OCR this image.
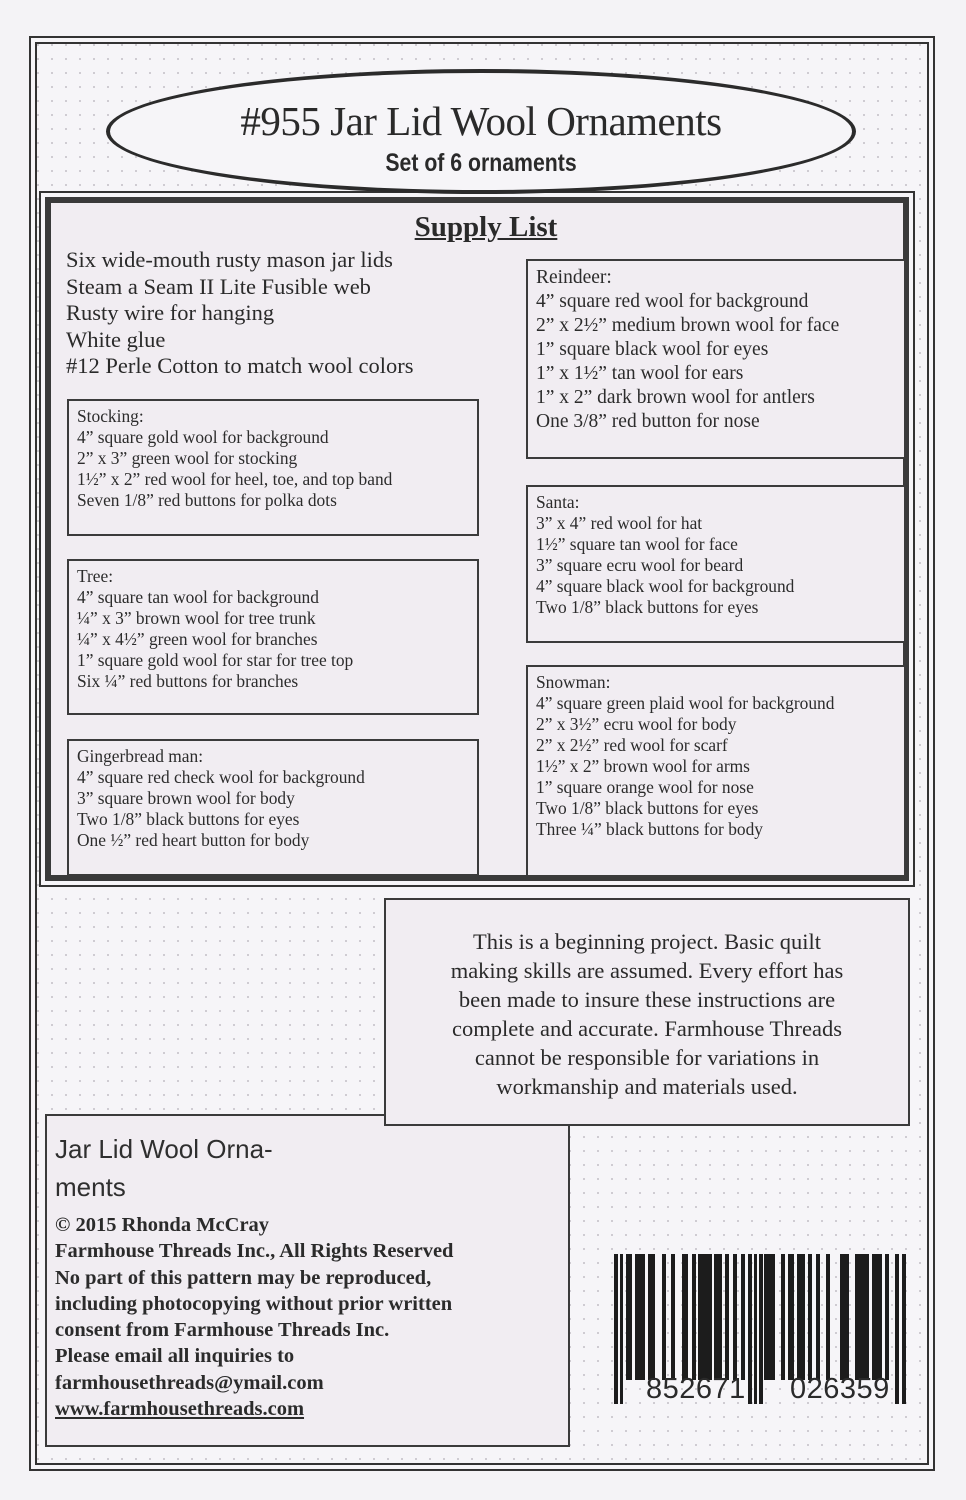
#955 Jar Lid Wool Ornaments
Set of 6 ornaments
Supply List
Six wide-mouth rusty mason jar lids
Steam a Seam II Lite Fusible web
Rusty wire for hanging
White glue
#12 Perle Cotton to match wool colors
Stocking:
4” square gold wool for background
2” x 3” green wool for stocking
1½” x 2” red wool for heel, toe, and top band
Seven 1/8” red buttons for polka dots
Tree:
4” square tan wool for background
¼” x 3” brown wool for tree trunk
¼” x 4½” green wool for branches
1” square gold wool for star for tree top
Six ¼” red buttons for branches
Gingerbread man:
4” square red check wool for background
3” square brown wool for body
Two 1/8” black buttons for eyes
One ½” red heart button for body
Reindeer:
4” square red wool for background
2” x 2½” medium brown wool for face
1” square black wool for eyes
1” x 1½” tan wool for ears
1” x 2” dark brown wool for antlers
One 3/8” red button for nose
Santa:
3” x 4” red wool for hat
1½” square tan wool for face
3” square ecru wool for beard
4” square black wool for background
Two 1/8” black buttons for eyes
Snowman:
4” square green plaid wool for background
2” x 3½” ecru wool for body
2” x 2½” red wool for scarf
1½” x 2” brown wool for arms
1” square orange wool for nose
Two 1/8” black buttons for eyes
Three ¼” black buttons for body
This is a beginning project. Basic quilt
making skills are assumed. Every effort has
been made to insure these instructions are
complete and accurate. Farmhouse Threads
cannot be responsible for variations in
workmanship and materials used.
Jar Lid Wool Orna-
ments
© 2015 Rhonda McCray
Farmhouse Threads Inc., All Rights Reserved
No part of this pattern may be reproduced,
including photocopying without prior written
consent from Farmhouse Threads Inc.
Please email all inquiries to
farmhousethreads@ymail.com
www.farmhousethreads.com
852671 026359
